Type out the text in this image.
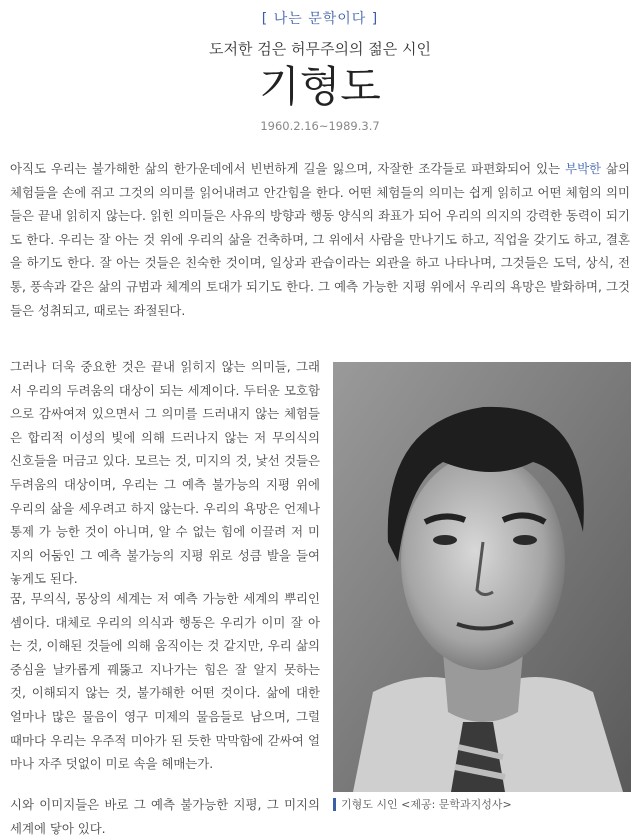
[ 나는 문학이다 ]
도저한 검은 허무주의의 젊은 시인
기형도
1960.2.16~1989.3.7

아직도 우리는 불가해한 삶의 한가운데에서 빈번하게 길을 잃으며, 자잘한 조각들로 파편화되어 있는 부박한 삶의 체험들을 손에 쥐고 그것의 의미를 읽어내려고 안간힘을 한다. 어떤 체험들의 의미는 쉽게 읽히고 어떤 체험의 의미들은 끝내 읽히지 않는다. 읽힌 의미들은 사유의 방향과 행동 양식의 좌표가 되어 우리의 의지의 강력한 동력이 되기도 한다. 우리는 잘 아는 것 위에 우리의 삶을 건축하며, 그 위에서 사람을 만나기도 하고, 직업을 갖기도 하고, 결혼을 하기도 한다. 잘 아는 것들은 친숙한 것이며, 일상과 관습이라는 외관을 하고 나타나며, 그것들은 도덕, 상식, 전통, 풍속과 같은 삶의 규범과 체계의 토대가 되기도 한다. 그 예측 가능한 지평 위에서 우리의 욕망은 발화하며, 그것들은 성취되고, 때로는 좌절된다.

그러나 더욱 중요한 것은 끝내 읽히지 않는 의미들, 그래서 우리의 두려움의 대상이 되는 세계이다. 두터운 모호함으로 감싸여져 있으면서 그 의미를 드러내지 않는 체험들은 합리적 이성의 빛에 의해 드러나지 않는 저 무의식의 신호들을 머금고 있다. 모르는 것, 미지의 것, 낯선 것들은 두려움의 대상이며, 우리는 그 예측 불가능의 지평 위에 우리의 삶을 세우려고 하지 않는다. 우리의 욕망은 언제나 통제 가 능한 것이 아니며, 알 수 없는 힘에 이끌려 저 미지의 어둠인 그 예측 불가능의 지평 위로 성큼 발을 들여놓게도 된다.

꿈, 무의식, 몽상의 세계는 저 예측 가능한 세계의 뿌리인 셈이다. 대체로 우리의 의식과 행동은 우리가 이미 잘 아는 것, 이해된 것들에 의해 움직이는 것 같지만, 우리 삶의 중심을 날카롭게 꿰뚫고 지나가는 힘은 잘 알지 못하는 것, 이해되지 않는 것, 불가해한 어떤 것이다. 삶에 대한 얼마나 많은 물음이 영구 미제의 물음들로 남으며, 그럴 때마다 우리는 우주적 미아가 된 듯한 막막함에 갇싸여 얼마나 자주 덧없이 미로 속을 헤매는가.

시와 이미지들은 바로 그 예측 불가능한 지평, 그 미지의 세계에 닿아 있다.

기형도 시인 <제공: 문학과지성사>
